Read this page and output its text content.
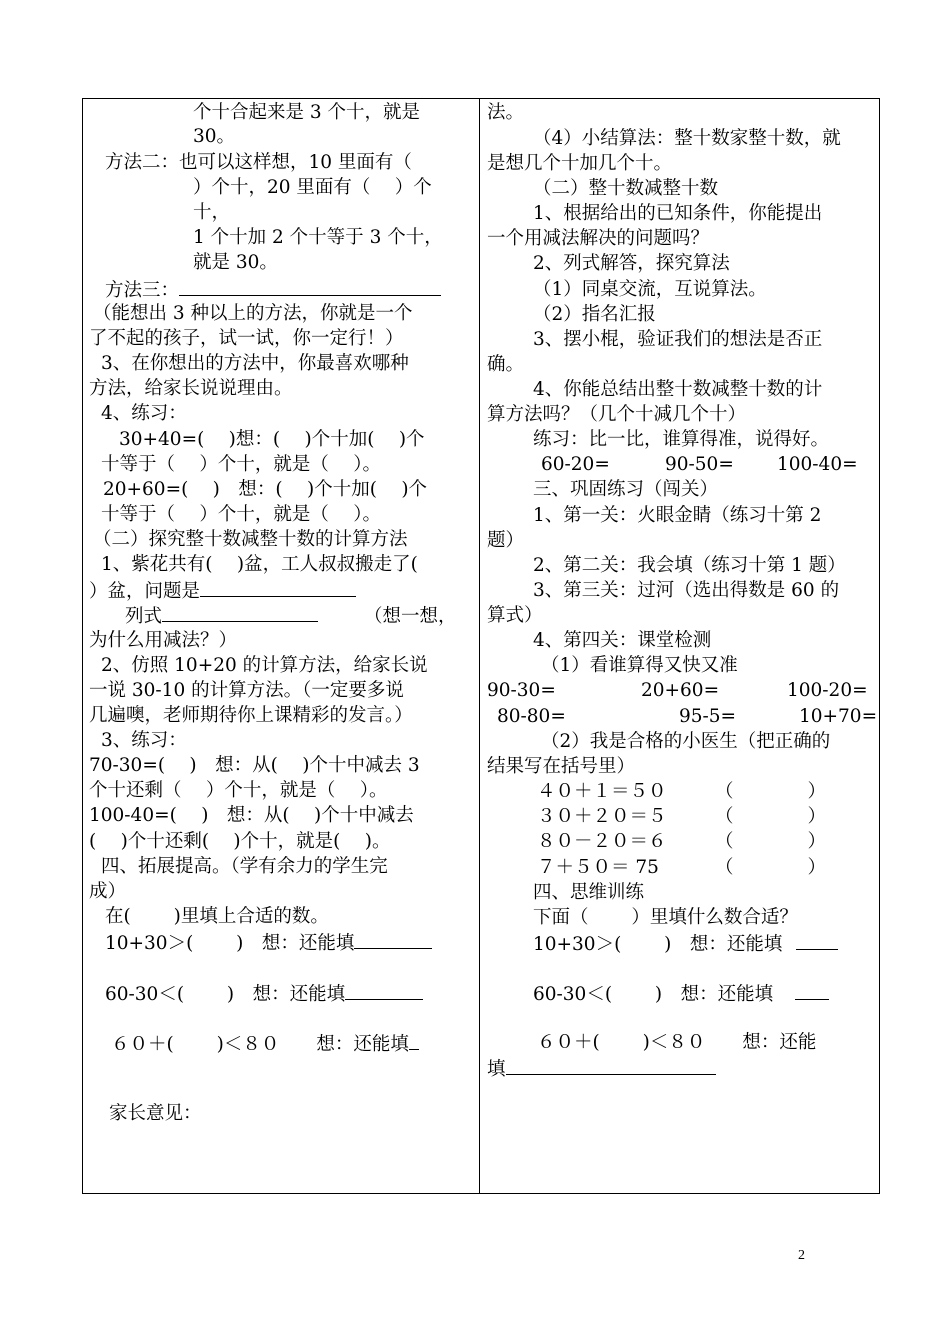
个十合起来是 3 个十，就是
30。
方法二：也可以这样想，10 里面有（
）个十，20 里面有（　 ）个
十，
1 个十加 2 个十等于 3 个十，
就是 30。
方法三：
（能想出 3 种以上的方法，你就是一个
了不起的孩子，试一试，你一定行！）
3、在你想出的方法中，你最喜欢哪种
方法，给家长说说理由。
4、练习：
30+40=(　 )想：(　 )个十加(　 )个
十等于（　 ）个十，就是（　 ）。
20+60=(　 )　想：(　 )个十加(　 )个
十等于（　 ）个十，就是（　 ）。
（二）探究整十数减整十数的计算方法
1、紫花共有(　 )盆，工人叔叔搬走了(
）盆，问题是
列式	（想一想，
为什么用减法？）
2、仿照 10+20 的计算方法，给家长说
一说 30-10 的计算方法。（一定要多说
几遍噢，老师期待你上课精彩的发言。）
3、练习：
70-30=(　 )　想：从(　 )个十中减去 3
个十还剩（　 ）个十，就是（　 ）。
100-40=(　 )　想：从(　 )个十中减去
(　 )个十还剩(　 )个十，就是(　 )。
四、拓展提高。（学有余力的学生完
成）
在(　　 )里填上合适的数。
10+30＞(　　 )　想：还能填
60-30＜(　　 )　想：还能填
６０＋(　　 )＜８０　　想：还能填
家长意见：
法。
（4）小结算法：整十数家整十数，就
是想几个十加几个十。
（二）整十数减整十数
1、根据给出的已知条件，你能提出
一个用减法解决的问题吗？
2、列式解答，探究算法
（1）同桌交流，互说算法。
（2）指名汇报
3、摆小棍，验证我们的想法是否正
确。
4、你能总结出整十数减整十数的计
算方法吗？（几个十减几个十）
练习：比一比，谁算得准，说得好。
60-20=	90-50= 100-40=
三、巩固练习（闯关）
1、第一关：火眼金睛（练习十第 2
题）
2、第二关：我会填（练习十第 1 题）
3、第三关：过河（选出得数是 60 的
算式）
4、第四关：课堂检测
（1）看谁算得又快又准
90-30=	20+60=	100-20=
80-80=	95-5=	10+70=
（2）我是合格的小医生（把正确的
结果写在括号里）
４０＋１＝５０	（　　　　）
３０＋２０＝５	（　　　　）
８０－２０＝６	（　　　　）
７＋５０＝ 75	（　　　　）
四、思维训练
下面（　　 ）里填什么数合适？
10+30＞(　　 )　想：还能填
60-30＜(　　 )　想：还能填
６０＋(　　 )＜８０　　想：还能
填
2
